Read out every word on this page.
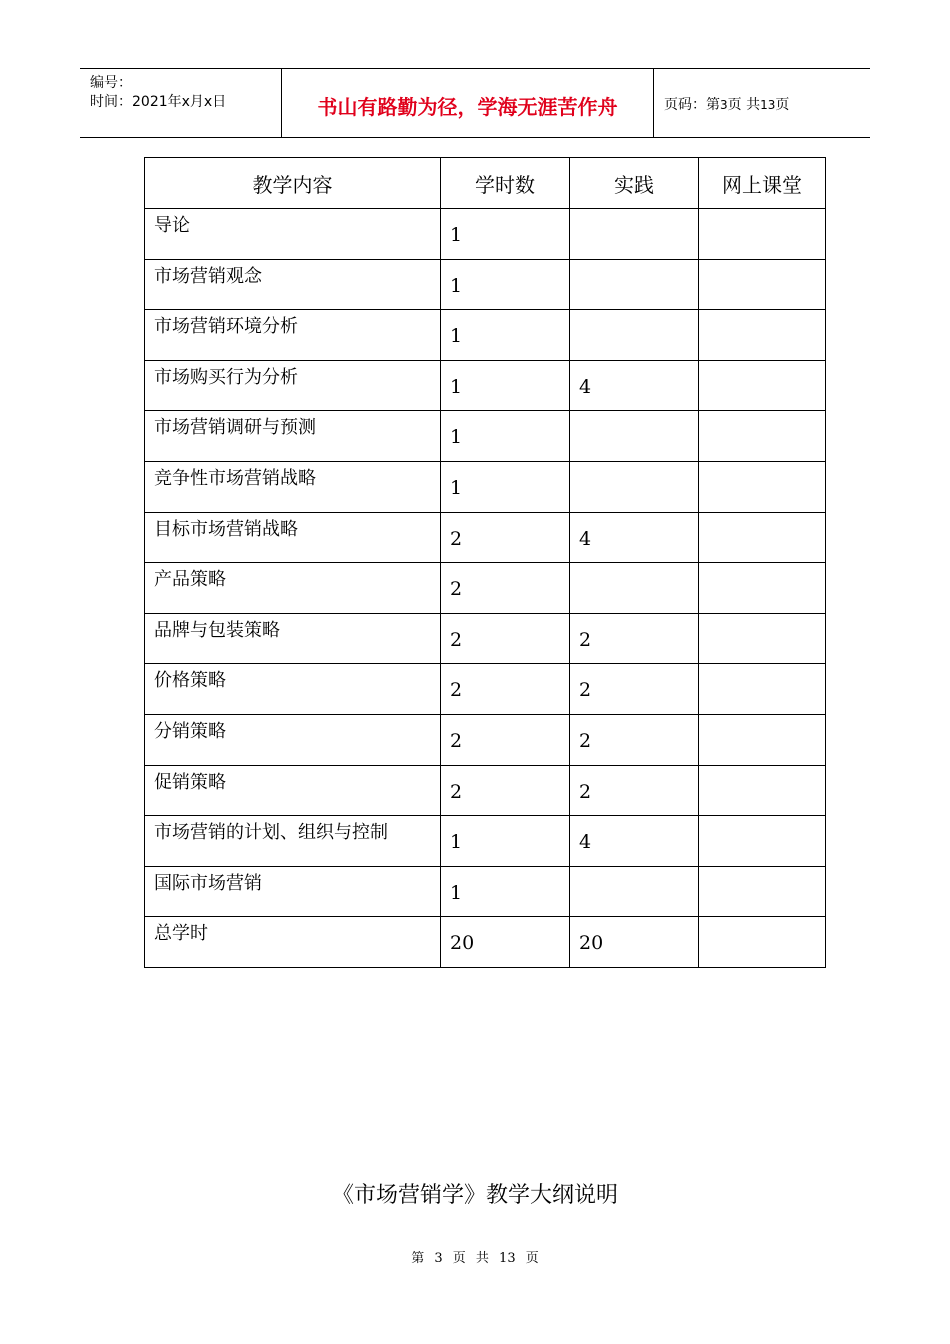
编号：
时间：2021年x月x日	书山有路勤为径，学海无涯苦作舟	页码：第3页 共13页
教学内容	学时数	实践	网上课堂

导论	1		

市场营销观念	1		

市场营销环境分析	1		

市场购买行为分析	1	4	

市场营销调研与预测	1		

竞争性市场营销战略	1		

目标市场营销战略	2	4	

产品策略	2		

品牌与包装策略	2	2	

价格策略	2	2	

分销策略	2	2	

促销策略	2	2	

市场营销的计划、组织与控制	1	4	

国际市场营销	1		

总学时	20	20	

《市场营销学》教学大纲说明
第 3 页 共 13 页
